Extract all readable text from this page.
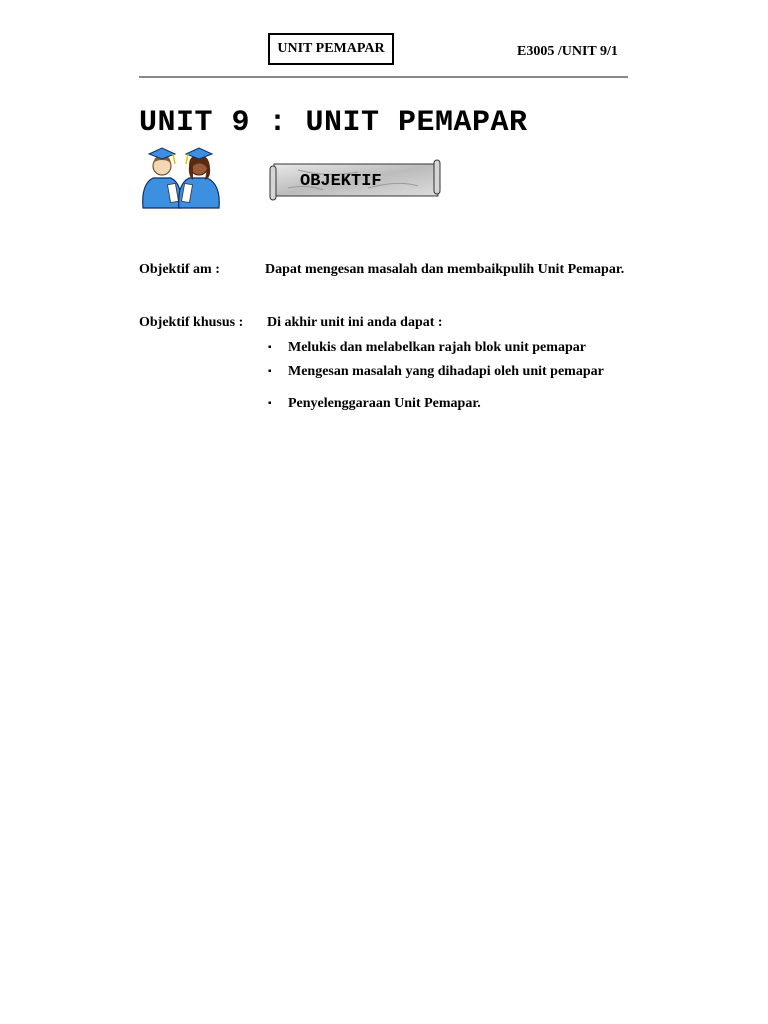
UNIT PEMAPAR	E3005 /UNIT 9/1
UNIT 9 : UNIT PEMAPAR
OBJEKTIF
Objektif am :	Dapat mengesan masalah dan membaikpulih Unit Pemapar.
Objektif khusus : Di akhir unit ini anda dapat :
▪ Melukis dan melabelkan rajah blok unit pemapar
▪ Mengesan masalah yang dihadapi oleh unit pemapar
▪ Penyelenggaraan Unit Pemapar.
